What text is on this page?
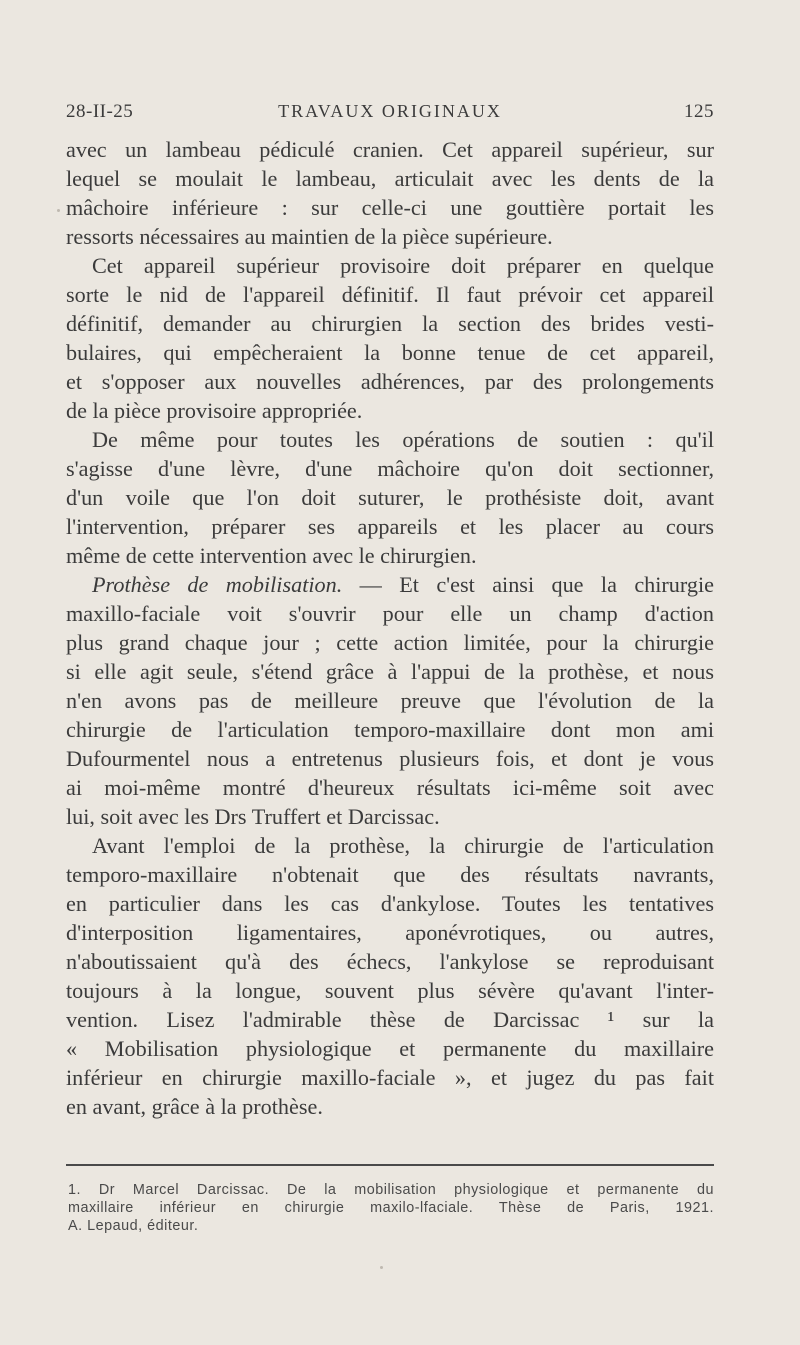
28-II-25	TRAVAUX ORIGINAUX	125
avec un lambeau pédiculé cranien. Cet appareil supérieur, sur
lequel se moulait le lambeau, articulait avec les dents de la
mâchoire inférieure : sur celle-ci une gouttière portait les
ressorts nécessaires au maintien de la pièce supérieure.
Cet appareil supérieur provisoire doit préparer en quelque
sorte le nid de l'appareil définitif. Il faut prévoir cet appareil
définitif, demander au chirurgien la section des brides vesti-
bulaires, qui empêcheraient la bonne tenue de cet appareil,
et s'opposer aux nouvelles adhérences, par des prolongements
de la pièce provisoire appropriée.
De même pour toutes les opérations de soutien : qu'il
s'agisse d'une lèvre, d'une mâchoire qu'on doit sectionner,
d'un voile que l'on doit suturer, le prothésiste doit, avant
l'intervention, préparer ses appareils et les placer au cours
même de cette intervention avec le chirurgien.
Prothèse de mobilisation. — Et c'est ainsi que la chirurgie
maxillo-faciale voit s'ouvrir pour elle un champ d'action
plus grand chaque jour ; cette action limitée, pour la chirurgie
si elle agit seule, s'étend grâce à l'appui de la prothèse, et nous
n'en avons pas de meilleure preuve que l'évolution de la
chirurgie de l'articulation temporo-maxillaire dont mon ami
Dufourmentel nous a entretenus plusieurs fois, et dont je vous
ai moi-même montré d'heureux résultats ici-même soit avec
lui, soit avec les Drs Truffert et Darcissac.
Avant l'emploi de la prothèse, la chirurgie de l'articulation
temporo-maxillaire n'obtenait que des résultats navrants,
en particulier dans les cas d'ankylose. Toutes les tentatives
d'interposition ligamentaires, aponévrotiques, ou autres,
n'aboutissaient qu'à des échecs, l'ankylose se reproduisant
toujours à la longue, souvent plus sévère qu'avant l'inter-
vention. Lisez l'admirable thèse de Darcissac ¹ sur la
« Mobilisation physiologique et permanente du maxillaire
inférieur en chirurgie maxillo-faciale », et jugez du pas fait
en avant, grâce à la prothèse.
1. Dr Marcel Darcissac. De la mobilisation physiologique et permanente du
maxillaire inférieur en chirurgie maxilo-lfaciale. Thèse de Paris, 1921.
A. Lepaud, éditeur.
